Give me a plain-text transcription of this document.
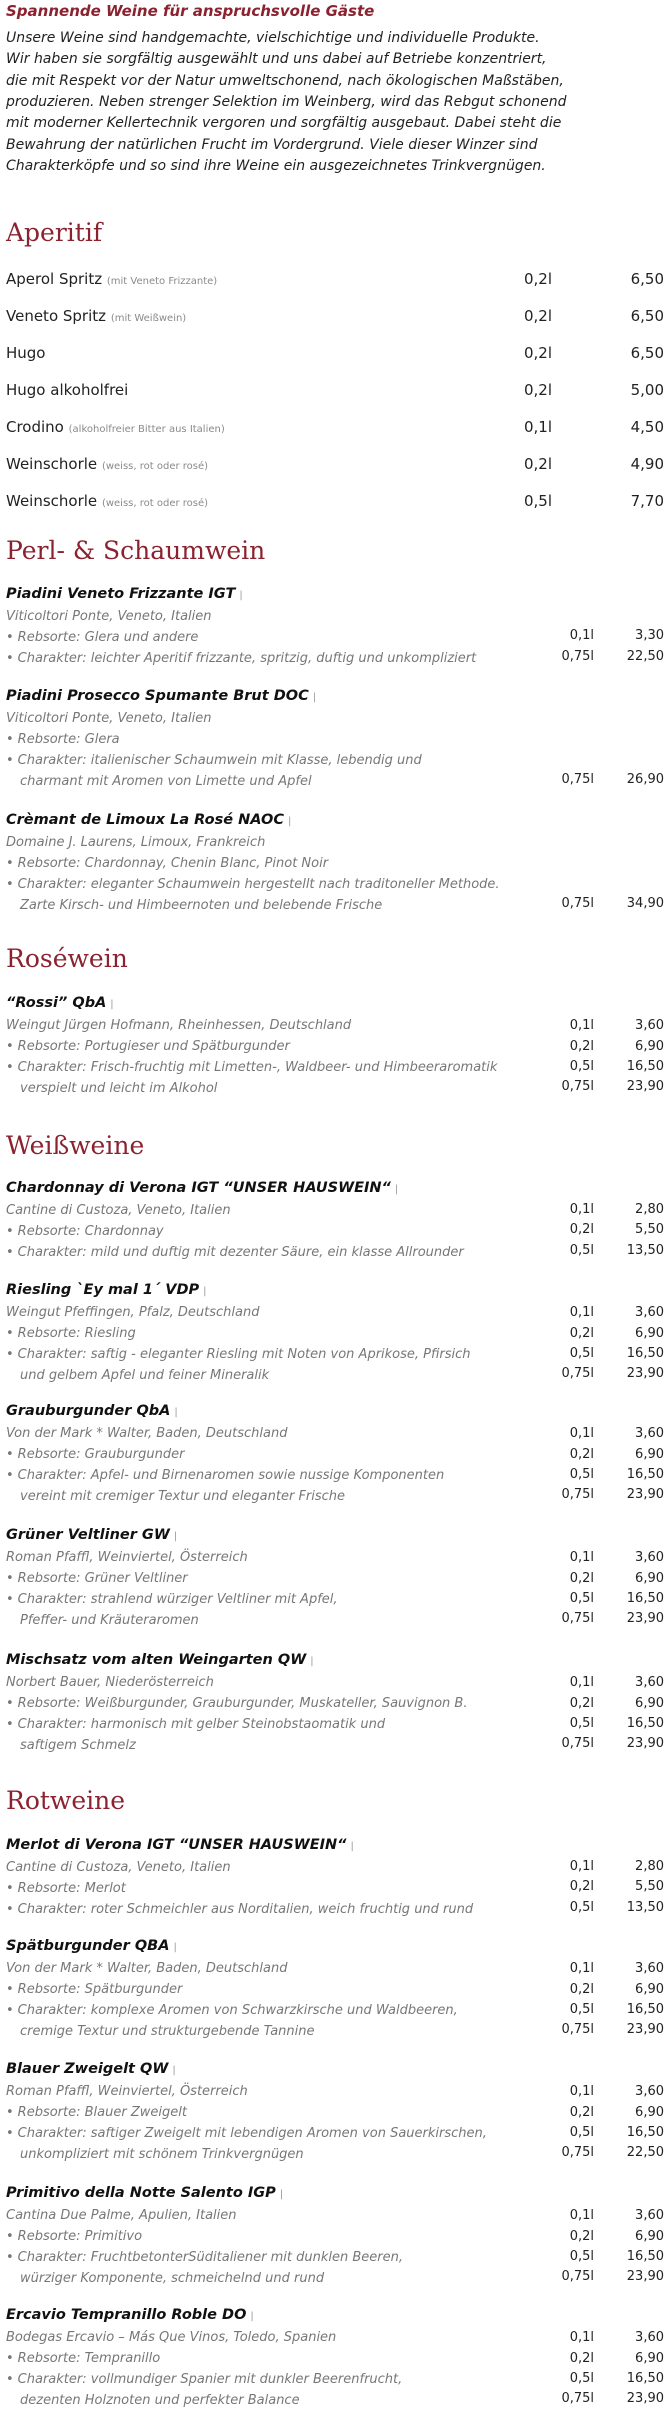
Spannende Weine für anspruchsvolle Gäste
Unsere Weine sind handgemachte, vielschichtige und individuelle Produkte.
Wir haben sie sorgfältig ausgewählt und uns dabei auf Betriebe konzentriert,
die mit Respekt vor der Natur umweltschonend, nach ökologischen Maßstäben,
produzieren. Neben strenger Selektion im Weinberg, wird das Rebgut schonend
mit moderner Kellertechnik vergoren und sorgfältig ausgebaut. Dabei steht die
Bewahrung der natürlichen Frucht im Vordergrund. Viele dieser Winzer sind
Charakterköpfe und so sind ihre Weine ein ausgezeichnetes Trinkvergnügen.
Aperitif
Aperol Spritz (mit Veneto Frizzante)	0,2l	6,50
Veneto Spritz (mit Weißwein)	0,2l	6,50
Hugo	0,2l	6,50
Hugo alkoholfrei	0,2l	5,00
Crodino (alkoholfreier Bitter aus Italien)	0,1l	4,50
Weinschorle (weiss, rot oder rosé)	0,2l	4,90
Weinschorle (weiss, rot oder rosé)	0,5l	7,70
Perl- & Schaumwein
Piadini Veneto Frizzante IGT |
Viticoltori Ponte, Veneto, Italien
• Rebsorte: Glera und andere
• Charakter: leichter Aperitif frizzante, spritzig, duftig und unkompliziert
0,1l	3,30
0,75l	22,50
Piadini Prosecco Spumante Brut DOC |
Viticoltori Ponte, Veneto, Italien
• Rebsorte: Glera
• Charakter: italienischer Schaumwein mit Klasse, lebendig und
charmant mit Aromen von Limette und Apfel	0,75l	26,90
Crèmant de Limoux La Rosé NAOC |
Domaine J. Laurens, Limoux, Frankreich
• Rebsorte: Chardonnay, Chenin Blanc, Pinot Noir
• Charakter: eleganter Schaumwein hergestellt nach traditoneller Methode.
Zarte Kirsch- und Himbeernoten und belebende Frische	0,75l	34,90
Roséwein
“Rossi” QbA |
Weingut Jürgen Hofmann, Rheinhessen, Deutschland
• Rebsorte: Portugieser und Spätburgunder
• Charakter: Frisch-fruchtig mit Limetten-, Waldbeer- und Himbeeraromatik
verspielt und leicht im Alkohol
0,1l	3,60
0,2l	6,90
0,5l	16,50
0,75l	23,90
Weißweine
Chardonnay di Verona IGT “UNSER HAUSWEIN“ |
Cantine di Custoza, Veneto, Italien
• Rebsorte: Chardonnay
• Charakter: mild und duftig mit dezenter Säure, ein klasse Allrounder
0,1l	2,80
0,2l	5,50
0,5l	13,50
Riesling `Ey mal 1´ VDP |
Weingut Pfeffingen, Pfalz, Deutschland
• Rebsorte: Riesling
• Charakter: saftig - eleganter Riesling mit Noten von Aprikose, Pfirsich
und gelbem Apfel und feiner Mineralik
0,1l	3,60
0,2l	6,90
0,5l	16,50
0,75l	23,90
Grauburgunder QbA |
Von der Mark * Walter, Baden, Deutschland
• Rebsorte: Grauburgunder
• Charakter: Apfel- und Birnenaromen sowie nussige Komponenten
vereint mit cremiger Textur und eleganter Frische
0,1l	3,60
0,2l	6,90
0,5l	16,50
0,75l	23,90
Grüner Veltliner GW |
Roman Pfaffl, Weinviertel, Österreich
• Rebsorte: Grüner Veltliner
• Charakter: strahlend würziger Veltliner mit Apfel,
Pfeffer- und Kräuteraromen
0,1l	3,60
0,2l	6,90
0,5l	16,50
0,75l	23,90
Mischsatz vom alten Weingarten QW |
Norbert Bauer, Niederösterreich
• Rebsorte: Weißburgunder, Grauburgunder, Muskateller, Sauvignon B.
• Charakter: harmonisch mit gelber Steinobstaomatik und
saftigem Schmelz
0,1l	3,60
0,2l	6,90
0,5l	16,50
0,75l	23,90
Rotweine
Merlot di Verona IGT “UNSER HAUSWEIN“ |
Cantine di Custoza, Veneto, Italien
• Rebsorte: Merlot
• Charakter: roter Schmeichler aus Norditalien, weich fruchtig und rund
0,1l	2,80
0,2l	5,50
0,5l	13,50
Spätburgunder QBA |
Von der Mark * Walter, Baden, Deutschland
• Rebsorte: Spätburgunder
• Charakter: komplexe Aromen von Schwarzkirsche und Waldbeeren,
cremige Textur und strukturgebende Tannine
0,1l	3,60
0,2l	6,90
0,5l	16,50
0,75l	23,90
Blauer Zweigelt QW |
Roman Pfaffl, Weinviertel, Österreich
• Rebsorte: Blauer Zweigelt
• Charakter: saftiger Zweigelt mit lebendigen Aromen von Sauerkirschen,
unkompliziert mit schönem Trinkvergnügen
0,1l	3,60
0,2l	6,90
0,5l	16,50
0,75l	22,50
Primitivo della Notte Salento IGP |
Cantina Due Palme, Apulien, Italien
• Rebsorte: Primitivo
• Charakter: FruchtbetonterSüditaliener mit dunklen Beeren,
würziger Komponente, schmeichelnd und rund
0,1l	3,60
0,2l	6,90
0,5l	16,50
0,75l	23,90
Ercavio Tempranillo Roble DO |
Bodegas Ercavio – Más Que Vinos, Toledo, Spanien
• Rebsorte: Tempranillo
• Charakter: vollmundiger Spanier mit dunkler Beerenfrucht,
dezenten Holznoten und perfekter Balance
0,1l	3,60
0,2l	6,90
0,5l	16,50
0,75l	23,90
